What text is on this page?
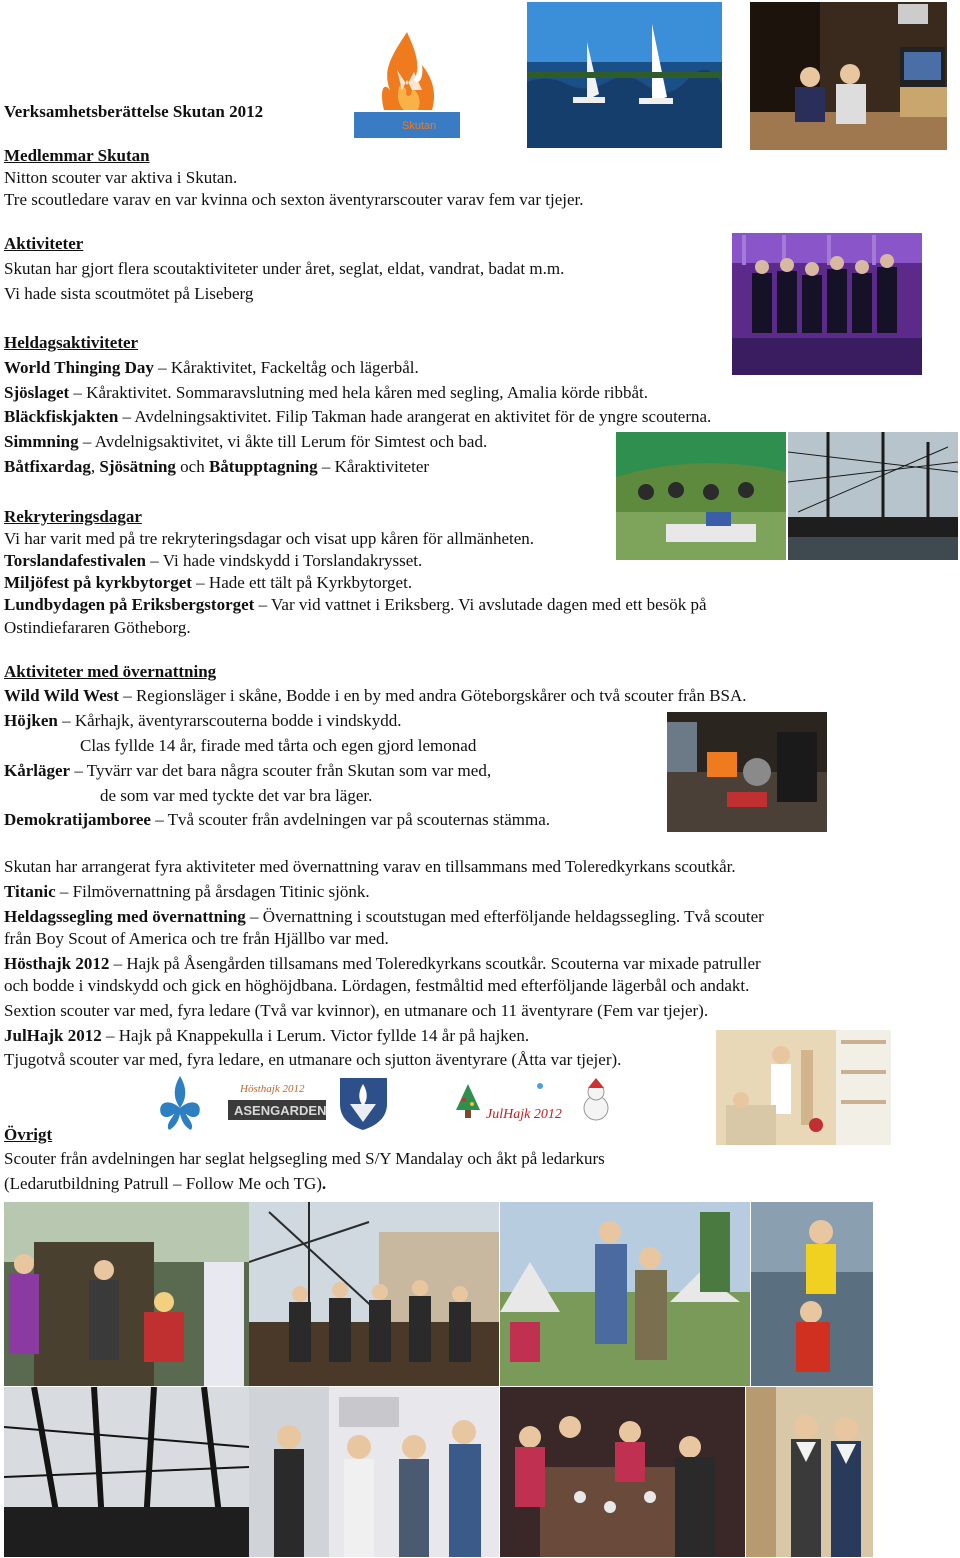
Verksamhetsberättelse Skutan 2012
Skutan
Medlemmar Skutan
Nitton scouter var aktiva i Skutan.
Tre scoutledare varav en var kvinna och sexton äventyrarscouter varav fem var tjejer.
Aktiviteter
Skutan har gjort flera scoutaktiviteter under året, seglat, eldat, vandrat, badat m.m.
Vi hade sista scoutmötet på Liseberg
Heldagsaktiviteter
World Thinging Day – Kåraktivitet, Fackeltåg och lägerbål.
Sjöslaget – Kåraktivitet. Sommaravslutning med hela kåren med segling, Amalia körde ribbåt.
Bläckfiskjakten – Avdelningsaktivitet. Filip Takman hade arangerat en aktivitet för de yngre scouterna.
Simmning – Avdelnigsaktivitet, vi åkte till Lerum för Simtest och bad.
Båtfixardag, Sjösätning och Båtupptagning – Kåraktiviteter
Rekryteringsdagar
Vi har varit med på tre rekryteringsdagar och visat upp kåren för allmänheten.
Torslandafestivalen – Vi hade vindskydd i Torslandakrysset.
Miljöfest på kyrkbytorget – Hade ett tält på Kyrkbytorget.
Lundbydagen på Eriksbergstorget – Var vid vattnet i Eriksberg. Vi avslutade dagen med ett besök på
Ostindiefararen Götheborg.
Aktiviteter med övernattning
Wild Wild West – Regionsläger i skåne, Bodde i en by med andra Göteborgskårer och två scouter från BSA.
Höjken – Kårhajk, äventyrarscouterna bodde i vindskydd.
Clas fyllde 14 år, firade med tårta och egen gjord lemonad
Kårläger – Tyvärr var det bara några scouter från Skutan som var med,
de som var med tyckte det var bra läger.
Demokratijamboree – Två scouter från avdelningen var på scouternas stämma.
Skutan har arrangerat fyra aktiviteter med övernattning varav en tillsammans med Toleredkyrkans scoutkår.
Titanic – Filmövernattning på årsdagen Titinic sjönk.
Heldagssegling med övernattning – Övernattning i scoutstugan med efterföljande heldagssegling. Två scouter
från Boy Scout of America och tre från Hjällbo var med.
Hösthajk 2012 – Hajk på Åsengården tillsamans med Toleredkyrkans scoutkår. Scouterna var mixade patruller
och bodde i vindskydd och gick en höghöjdbana. Lördagen, festmåltid med efterföljande lägerbål och andakt.
Sextion scouter var med, fyra ledare (Två var kvinnor), en utmanare och 11 äventyrare (Fem var tjejer).
JulHajk 2012 – Hajk på Knappekulla i Lerum. Victor fyllde 14 år på hajken.
Tjugotvå scouter var med, fyra ledare, en utmanare och sjutton äventyrare (Åtta var tjejer).
Hösthajk 2012
ASENGARDEN	JulHajk 2012
Övrigt
Scouter från avdelningen har seglat helgsegling med S/Y Mandalay och åkt på ledarkurs
(Ledarutbildning Patrull – Follow Me och TG).
